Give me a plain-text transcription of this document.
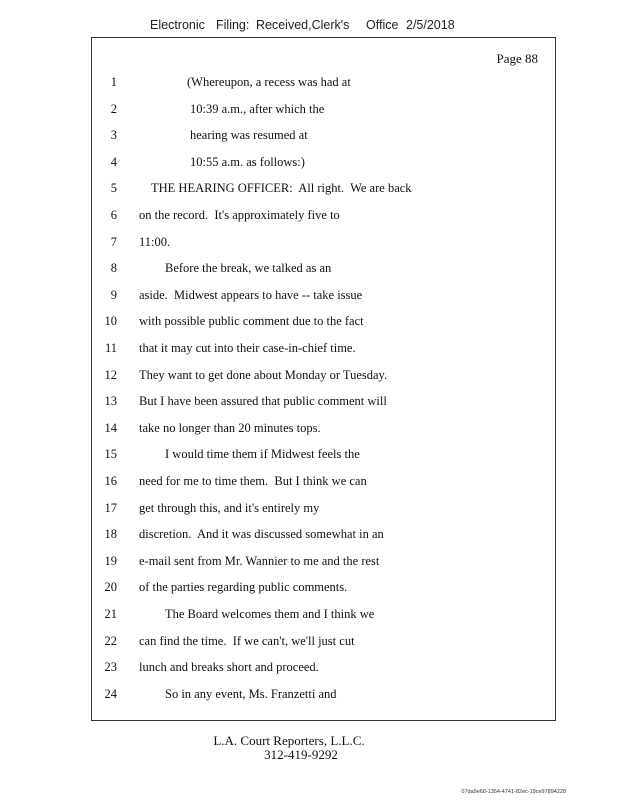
Electronic Filing: Received,Clerk's Office 2/5/2018
Page 88
1	(Whereupon, a recess was had at
2	10:39 a.m., after which the
3	hearing was resumed at
4	10:55 a.m. as follows:)
5	THE HEARING OFFICER:  All right.  We are back
6 on the record.  It's approximately five to
7 11:00.
8	Before the break, we talked as an
9 aside.  Midwest appears to have -- take issue
10 with possible public comment due to the fact
11 that it may cut into their case-in-chief time.
12 They want to get done about Monday or Tuesday.
13 But I have been assured that public comment will
14 take no longer than 20 minutes tops.
15	I would time them if Midwest feels the
16 need for me to time them.  But I think we can
17 get through this, and it's entirely my
18 discretion.  And it was discussed somewhat in an
19 e-mail sent from Mr. Wannier to me and the rest
20 of the parties regarding public comments.
21	The Board welcomes them and I think we
22 can find the time.  If we can't, we'll just cut
23 lunch and breaks short and proceed.
24	So in any event, Ms. Franzetti and
L.A. Court Reporters, L.L.C.
312-419-9292
07da9e68-1354-4741-82ec-19ce97894228
